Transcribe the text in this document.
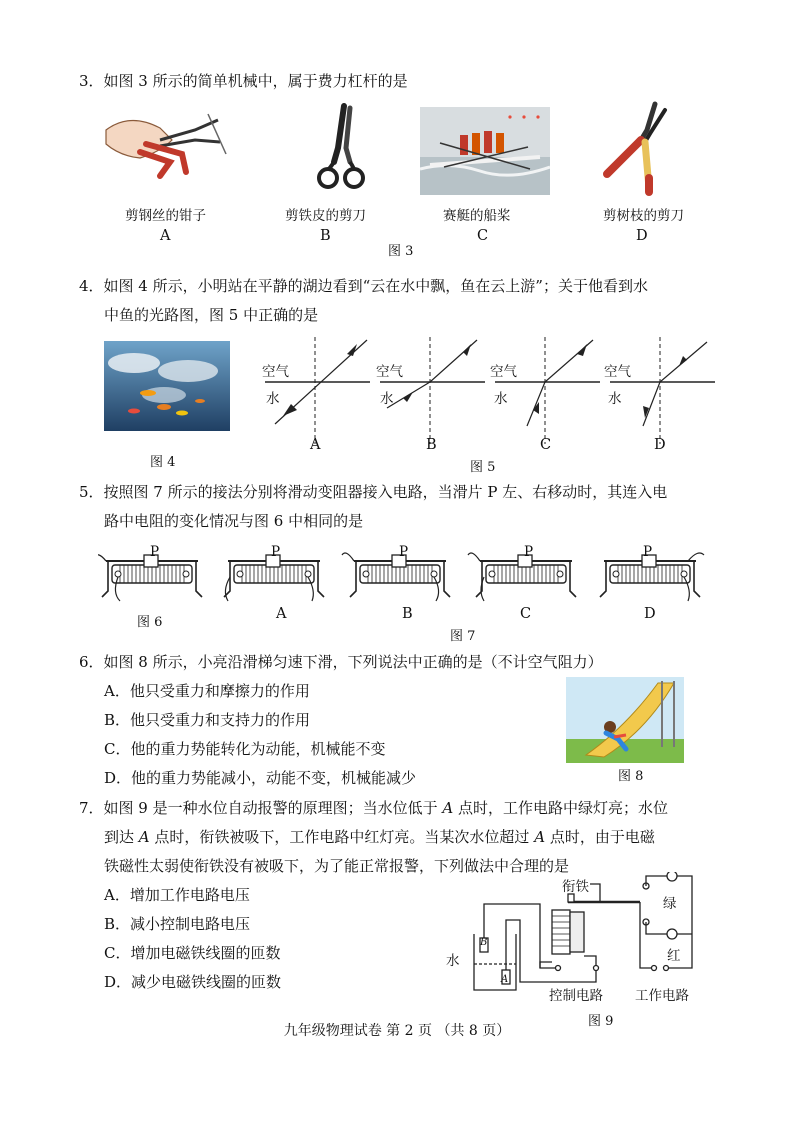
3．如图 3 所示的简单机械中，属于费力杠杆的是
剪钢丝的钳子
A
剪铁皮的剪刀
B
赛艇的船桨
C
剪树枝的剪刀
D
图 3
4．如图 4 所示，小明站在平静的湖边看到“云在水中飘，鱼在云上游”；关于他看到水
中鱼的光路图，图 5 中正确的是
图 4
空气
水
空气
水
空气
水
空气
水
A	B	C	D
图 5
5．按照图 7 所示的接法分别将滑动变阻器接入电路，当滑片 P 左、右移动时，其连入电
路中电阻的变化情况与图 6 中相同的是
P	P	P	P	P
图 6
A	B	C	D
图 7
6．如图 8 所示，小亮沿滑梯匀速下滑，下列说法中正确的是（不计空气阻力）
A．他只受重力和摩擦力的作用
B．他只受重力和支持力的作用
C．他的重力势能转化为动能，机械能不变
D．他的重力势能减小，动能不变，机械能减少	图 8
7．如图 9 是一种水位自动报警的原理图；当水位低于 A 点时，工作电路中绿灯亮；水位
到达 A 点时，衔铁被吸下，工作电路中红灯亮。当某次水位超过 A 点时，由于电磁
铁磁性太弱使衔铁没有被吸下，为了能正常报警，下列做法中合理的是
A．增加工作电路电压
B．减小控制电路电压
C．增加电磁铁线圈的匝数
D．减少电磁铁线圈的匝数
衔铁
水
绿
红
控制电路 工作电路
B
A
图 9
九年级物理试卷 第 2 页 （共 8 页）
